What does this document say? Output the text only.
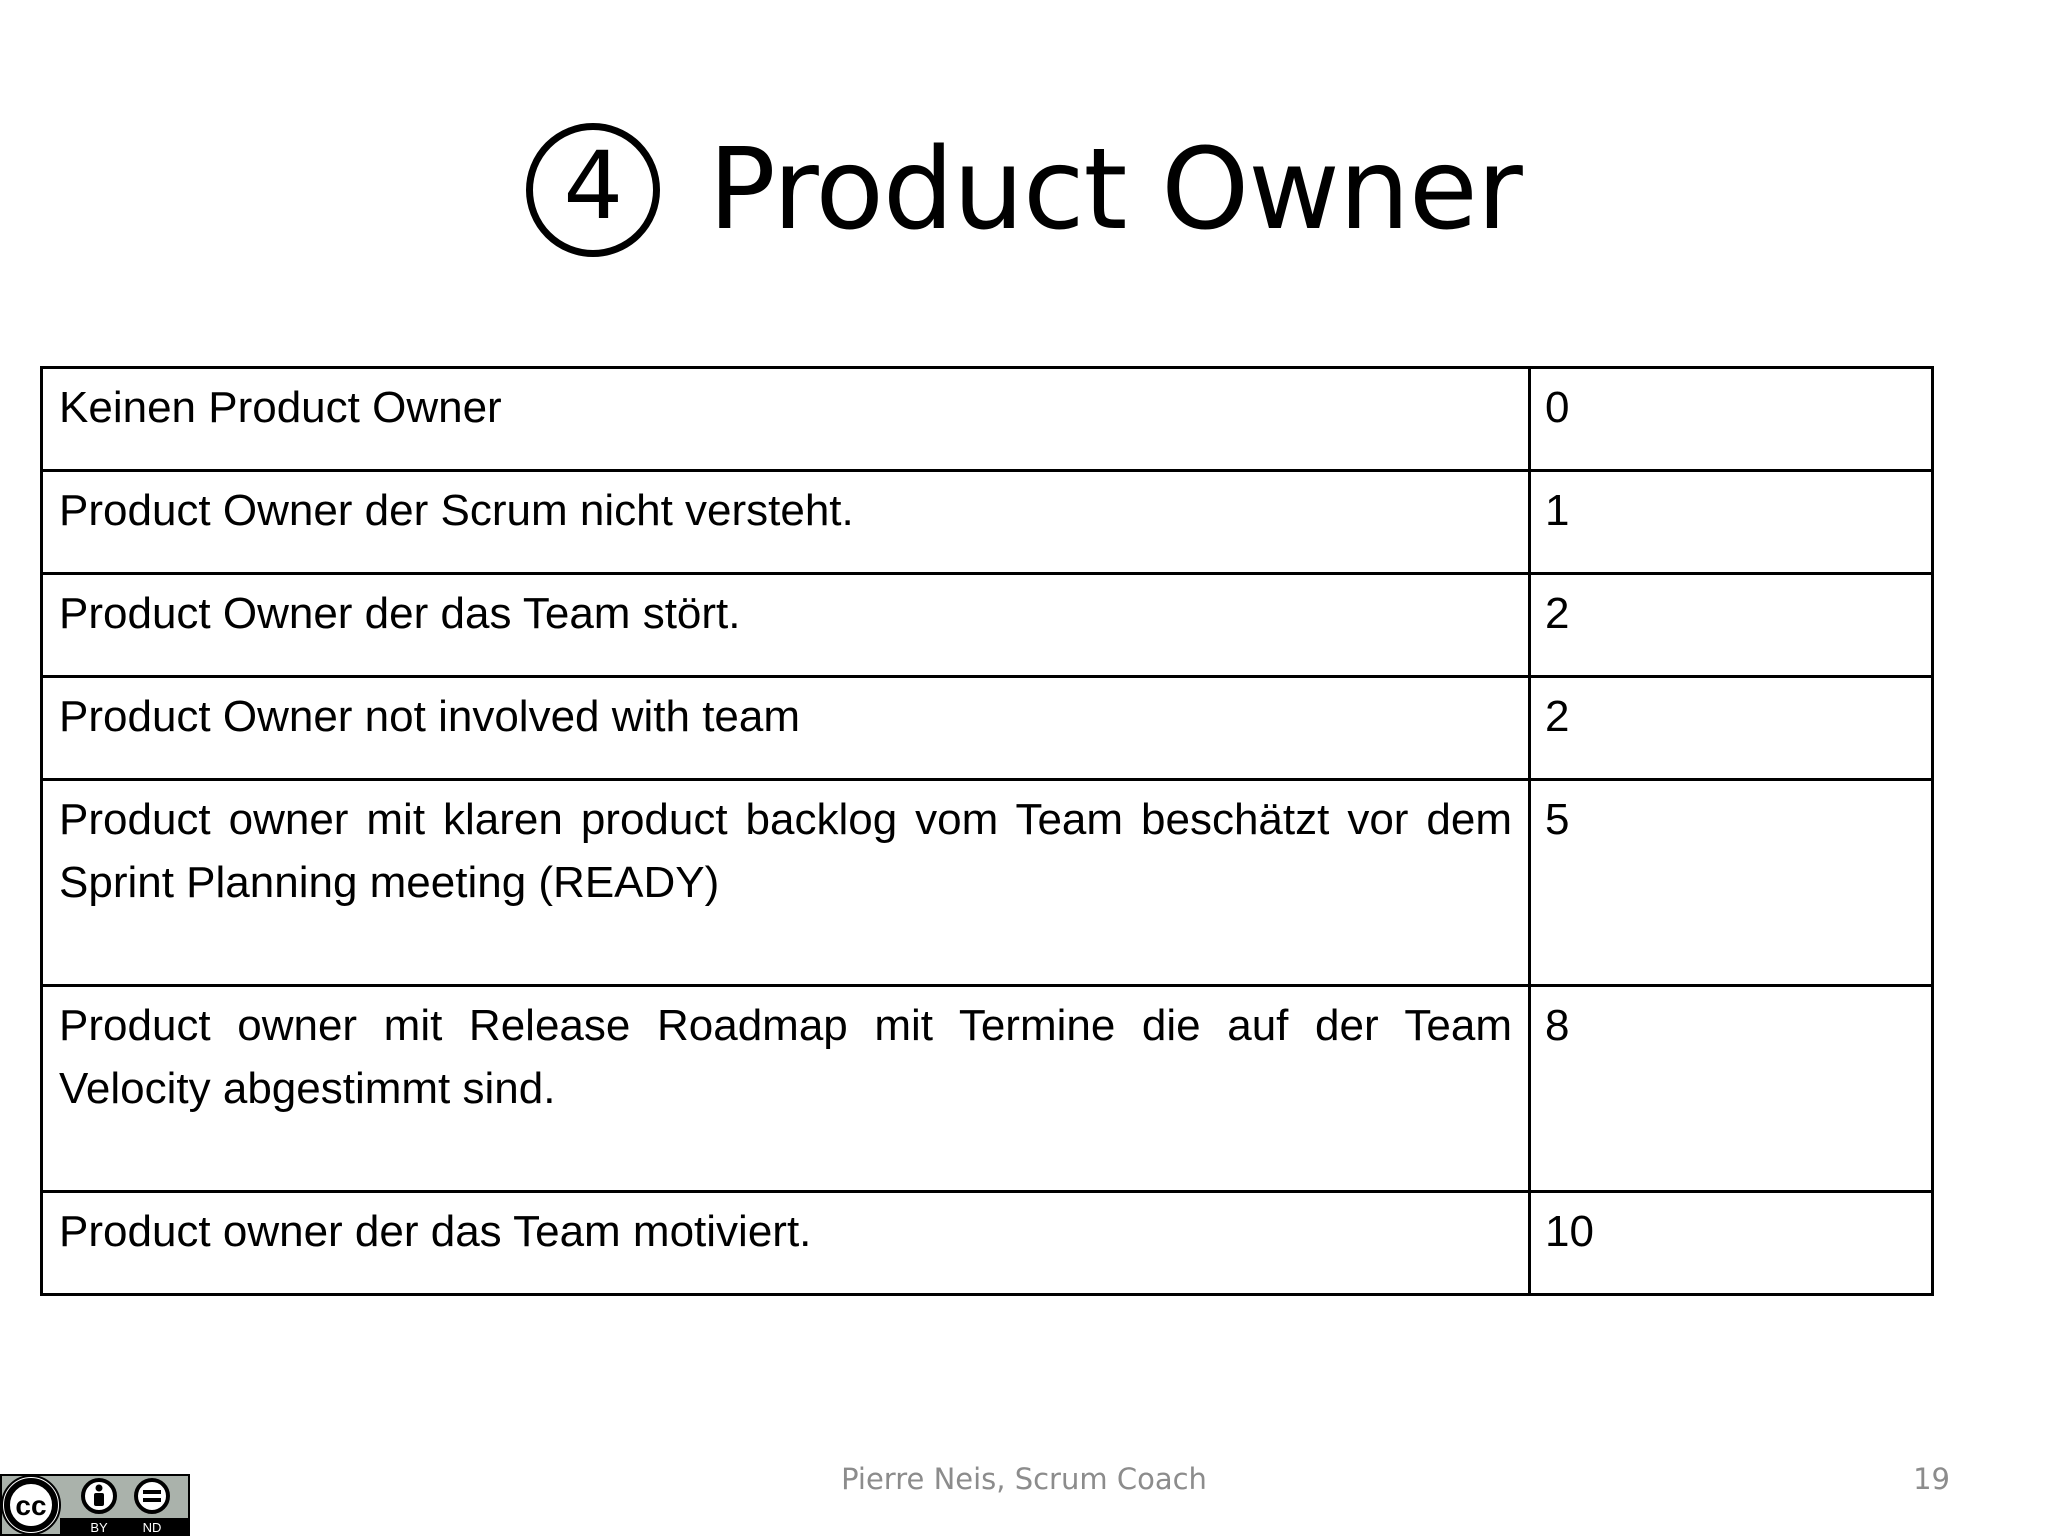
4 Product Owner
Keinen Product Owner	0
Product Owner der Scrum nicht versteht.	1
Product Owner der das Team stört.	2
Product Owner not involved with team	2
Product owner mit klaren product backlog vom Team beschätzt vor dem Sprint Planning meeting (READY)	5
Product owner mit Release Roadmap mit Termine die auf der Team Velocity abgestimmt sind.	8
Product owner der das Team motiviert.	10
Pierre Neis, Scrum Coach	19
cc
BY	ND
